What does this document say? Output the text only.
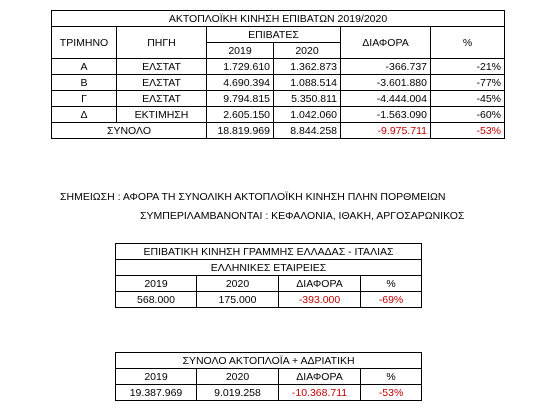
ΑΚΤΟΠΛΟΪΚΗ ΚΙΝΗΣΗ ΕΠΙΒΑΤΩΝ 2019/2020					
ΤΡΙΜΗΝΟ	ΠΗΓΗ	ΕΠΙΒΑΤΕΣ		ΔΙΑΦΟΡΑ	%
		2019	2020		
Α	ΕΛΣΤΑΤ	1.729.610	1.362.873	-366.737	-21%
Β	ΕΛΣΤΑΤ	4.690.394	1.088.514	-3.601.880	-77%
Γ	ΕΛΣΤΑΤ	9.794.815	5.350.811	-4.444.004	-45%
Δ	ΕΚΤΙΜΗΣΗ	2.605.150	1.042.060	-1.563.090	-60%
ΣΥΝΟΛΟ		18.819.969	8.844.258	-9.975.711	-53%
ΣΗΜΕΙΩΣΗ : ΑΦΟΡΑ ΤΗ ΣΥΝΟΛΙΚΗ ΑΚΤΟΠΛΟΪΚΗ ΚΙΝΗΣΗ ΠΛΗΝ ΠΟΡΘΜΕΙΩΝ
ΣΥΜΠΕΡΙΛΑΜΒΑΝΟΝΤΑΙ : ΚΕΦΑΛΟΝΙΑ, ΙΘΑΚΗ, ΑΡΓΟΣΑΡΩΝΙΚΟΣ
ΕΠΙΒΑΤΙΚΗ ΚΙΝΗΣΗ ΓΡΑΜΜΗΣ ΕΛΛΑΔΑΣ - ΙΤΑΛΙΑΣ			
ΕΛΛΗΝΙΚΕΣ ΕΤΑΙΡΕΙΕΣ			
2019	2020	ΔΙΑΦΟΡΑ	%
568.000	175.000	-393.000	-69%
ΣΥΝΟΛΟ ΑΚΤΟΠΛΟΪΑ + ΑΔΡΙΑΤΙΚΗ			
2019	2020	ΔΙΑΦΟΡΑ	%
19.387.969	9.019.258	-10.368.711	-53%
